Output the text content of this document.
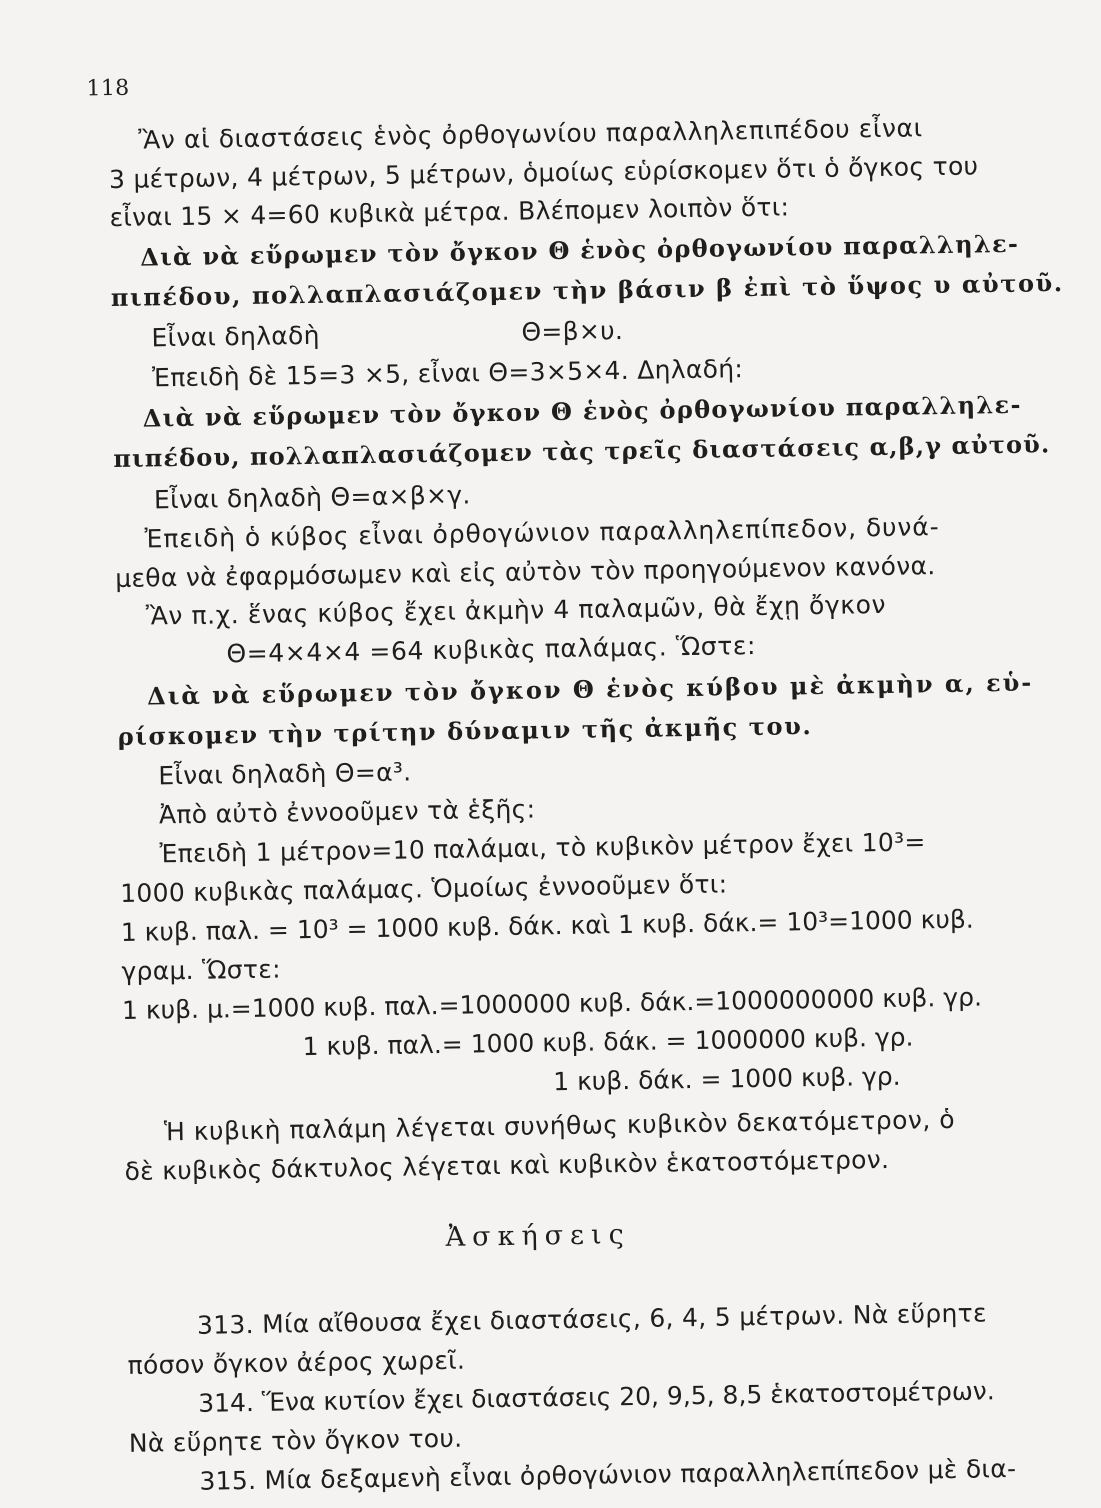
118
Ἂν αἱ διαστάσεις ἑνὸς ὀρθογωνίου παραλληλεπιπέδου εἶναι
3 μέτρων, 4 μέτρων, 5 μέτρων, ὁμοίως εὑρίσκομεν ὅτι ὁ ὄγκος του
εἶναι 15 × 4=60 κυβικὰ μέτρα. Βλέπομεν λοιπὸν ὅτι:
Διὰ νὰ εὕρωμεν τὸν ὄγκον Θ ἑνὸς ὀρθογωνίου παραλληλε-
πιπέδου, πολλαπλασιάζομεν τὴν βάσιν β ἐπὶ τὸ ὕψος υ αὐτοῦ.
Εἶναι δηλαδὴ	Θ=β×υ.
Ἐπειδὴ δὲ 15=3 ×5, εἶναι Θ=3×5×4. Δηλαδή:
Διὰ νὰ εὕρωμεν τὸν ὄγκον Θ ἑνὸς ὀρθογωνίου παραλληλε-
πιπέδου, πολλαπλασιάζομεν τὰς τρεῖς διαστάσεις α,β,γ αὐτοῦ.
Εἶναι δηλαδὴ Θ=α×β×γ.
Ἐπειδὴ ὁ κύβος εἶναι ὀρθογώνιον παραλληλεπίπεδον, δυνά-
μεθα νὰ ἐφαρμόσωμεν καὶ εἰς αὐτὸν τὸν προηγούμενον κανόνα.
Ἂν π.χ. ἕνας κύβος ἔχει ἀκμὴν 4 παλαμῶν, θὰ ἔχῃ ὄγκον
Θ=4×4×4 =64 κυβικὰς παλάμας. Ὥστε:
Διὰ νὰ εὕρωμεν τὸν ὄγκον Θ ἑνὸς κύβου μὲ ἀκμὴν α, εὑ-
ρίσκομεν τὴν τρίτην δύναμιν τῆς ἀκμῆς του.
Εἶναι δηλαδὴ Θ=α³.
Ἀπὸ αὐτὸ ἐννοοῦμεν τὰ ἑξῆς:
Ἐπειδὴ 1 μέτρον=10 παλάμαι, τὸ κυβικὸν μέτρον ἔχει 10³=
1000 κυβικὰς παλάμας. Ὁμοίως ἐννοοῦμεν ὅτι:
1 κυβ. παλ. = 10³ = 1000 κυβ. δάκ. καὶ 1 κυβ. δάκ.= 10³=1000 κυβ.
γραμ. Ὥστε:
1 κυβ. μ.=1000 κυβ. παλ.=1000000 κυβ. δάκ.=1000000000 κυβ. γρ.
1 κυβ. παλ.= 1000 κυβ. δάκ. = 1000000 κυβ. γρ.
1 κυβ. δάκ. = 1000 κυβ. γρ.
Ἡ κυβικὴ παλάμη λέγεται συνήθως κυβικὸν δεκατόμετρον, ὁ
δὲ κυβικὸς δάκτυλος λέγεται καὶ κυβικὸν ἑκατοστόμετρον.
Ἀσκήσεις
313. Μία αἴθουσα ἔχει διαστάσεις, 6, 4, 5 μέτρων. Νὰ εὕρητε
πόσον ὄγκον ἀέρος χωρεῖ.
314. Ἕνα κυτίον ἔχει διαστάσεις 20, 9,5, 8,5 ἑκατοστομέτρων.
Νὰ εὕρητε τὸν ὄγκον του.
315. Μία δεξαμενὴ εἶναι ὀρθογώνιον παραλληλεπίπεδον μὲ δια-
